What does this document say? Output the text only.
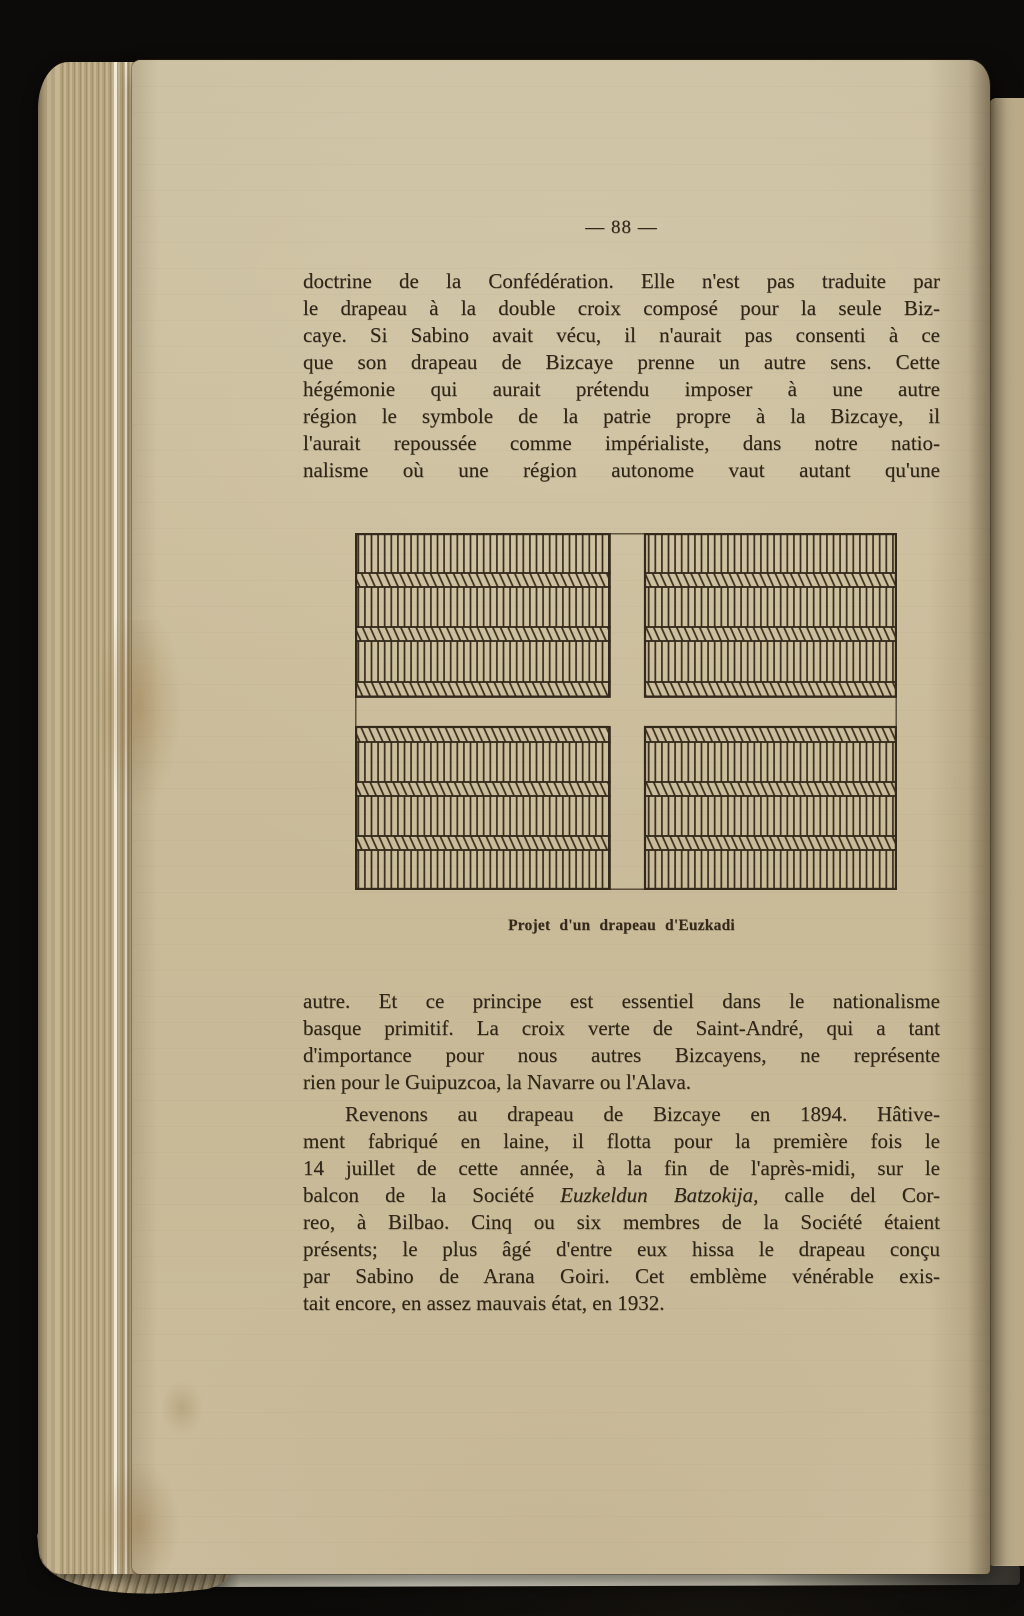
— 88 —
doctrine de la Confédération. Elle n'est pas traduite par
le drapeau à la double croix composé pour la seule Biz-
caye. Si Sabino avait vécu, il n'aurait pas consenti à ce
que son drapeau de Bizcaye prenne un autre sens. Cette
hégémonie qui aurait prétendu imposer à une autre
région le symbole de la patrie propre à la Bizcaye, il
l'aurait repoussée comme impérialiste, dans notre natio-
nalisme où une région autonome vaut autant qu'une
Projet d'un drapeau d'Euzkadi
autre. Et ce principe est essentiel dans le nationalisme
basque primitif. La croix verte de Saint-André, qui a tant
d'importance pour nous autres Bizcayens, ne représente
rien pour le Guipuzcoa, la Navarre ou l'Alava.
Revenons au drapeau de Bizcaye en 1894. Hâtive-
ment fabriqué en laine, il flotta pour la première fois le
14 juillet de cette année, à la fin de l'après-midi, sur le
balcon de la Société Euzkeldun Batzokija, calle del Cor-
reo, à Bilbao. Cinq ou six membres de la Société étaient
présents; le plus âgé d'entre eux hissa le drapeau conçu
par Sabino de Arana Goiri. Cet emblème vénérable exis-
tait encore, en assez mauvais état, en 1932.
